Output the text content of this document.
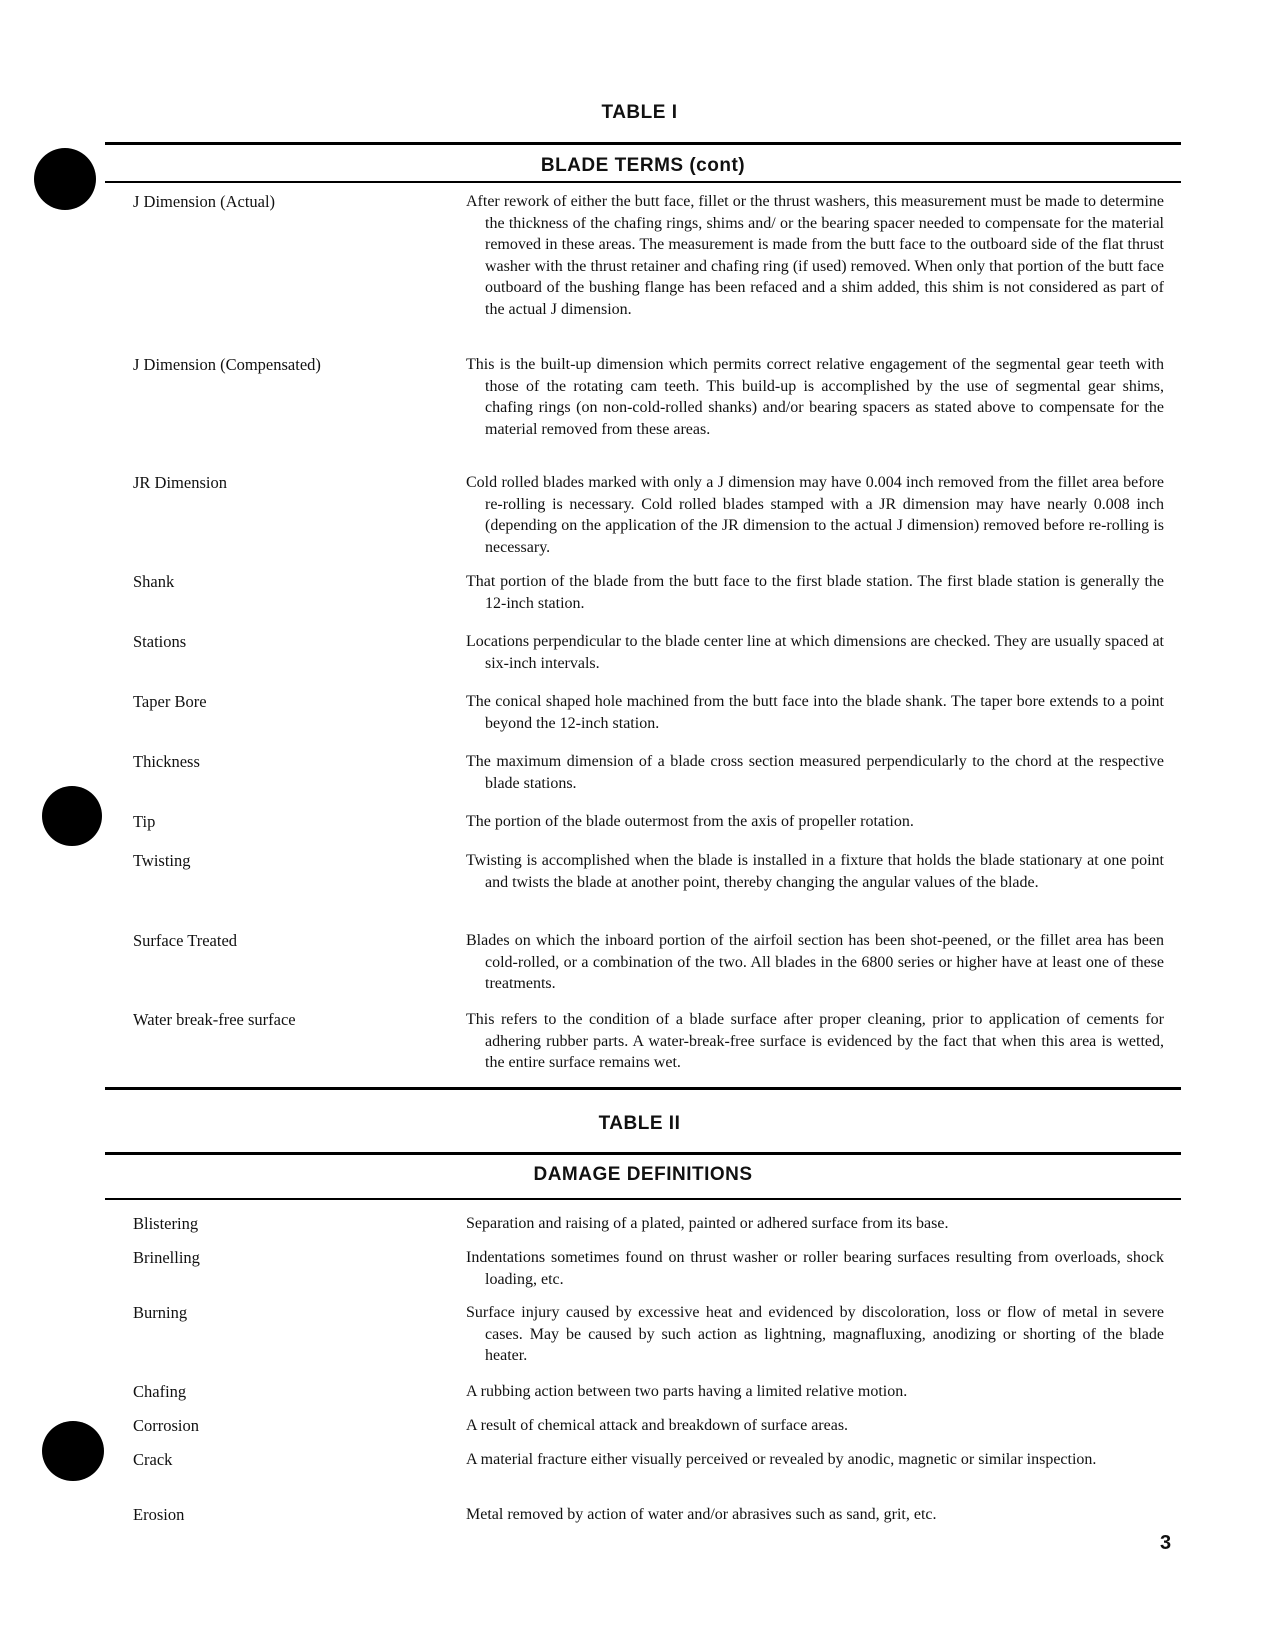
TABLE I
BLADE TERMS (cont)
J Dimension (Actual)	After rework of either the butt face, fillet or the thrust washers, this measurement must be made to determine the thickness of the chafing rings, shims and/ or the bearing spacer needed to compensate for the material removed in these areas. The measurement is made from the butt face to the outboard side of the flat thrust washer with the thrust retainer and chafing ring (if used) removed. When only that portion of the butt face outboard of the bushing flange has been refaced and a shim added, this shim is not considered as part of the actual J dimension.
J Dimension (Compensated)	This is the built-up dimension which permits correct relative engagement of the segmental gear teeth with those of the rotating cam teeth. This build-up is accomplished by the use of segmental gear shims, chafing rings (on non-cold-rolled shanks) and/or bearing spacers as stated above to compensate for the material removed from these areas.
JR Dimension	Cold rolled blades marked with only a J dimension may have 0.004 inch removed from the fillet area before re-rolling is necessary. Cold rolled blades stamped with a JR dimension may have nearly 0.008 inch (depending on the application of the JR dimension to the actual J dimension) removed before re-rolling is necessary.
Shank	That portion of the blade from the butt face to the first blade station. The first blade station is generally the 12-inch station.
Stations	Locations perpendicular to the blade center line at which dimensions are checked. They are usually spaced at six-inch intervals.
Taper Bore	The conical shaped hole machined from the butt face into the blade shank. The taper bore extends to a point beyond the 12-inch station.
Thickness	The maximum dimension of a blade cross section measured perpendicularly to the chord at the respective blade stations.
Tip	The portion of the blade outermost from the axis of propeller rotation.
Twisting	Twisting is accomplished when the blade is installed in a fixture that holds the blade stationary at one point and twists the blade at another point, thereby changing the angular values of the blade.
Surface Treated	Blades on which the inboard portion of the airfoil section has been shot-peened, or the fillet area has been cold-rolled, or a combination of the two. All blades in the 6800 series or higher have at least one of these treatments.
Water break-free surface	This refers to the condition of a blade surface after proper cleaning, prior to application of cements for adhering rubber parts. A water-break-free surface is evidenced by the fact that when this area is wetted, the entire surface remains wet.
TABLE II
DAMAGE DEFINITIONS
Blistering	Separation and raising of a plated, painted or adhered surface from its base.
Brinelling	Indentations sometimes found on thrust washer or roller bearing surfaces resulting from overloads, shock loading, etc.
Burning	Surface injury caused by excessive heat and evidenced by discoloration, loss or flow of metal in severe cases. May be caused by such action as lightning, magnafluxing, anodizing or shorting of the blade heater.
Chafing	A rubbing action between two parts having a limited relative motion.
Corrosion	A result of chemical attack and breakdown of surface areas.
Crack	A material fracture either visually perceived or revealed by anodic, magnetic or similar inspection.
Erosion	Metal removed by action of water and/or abrasives such as sand, grit, etc.
3
